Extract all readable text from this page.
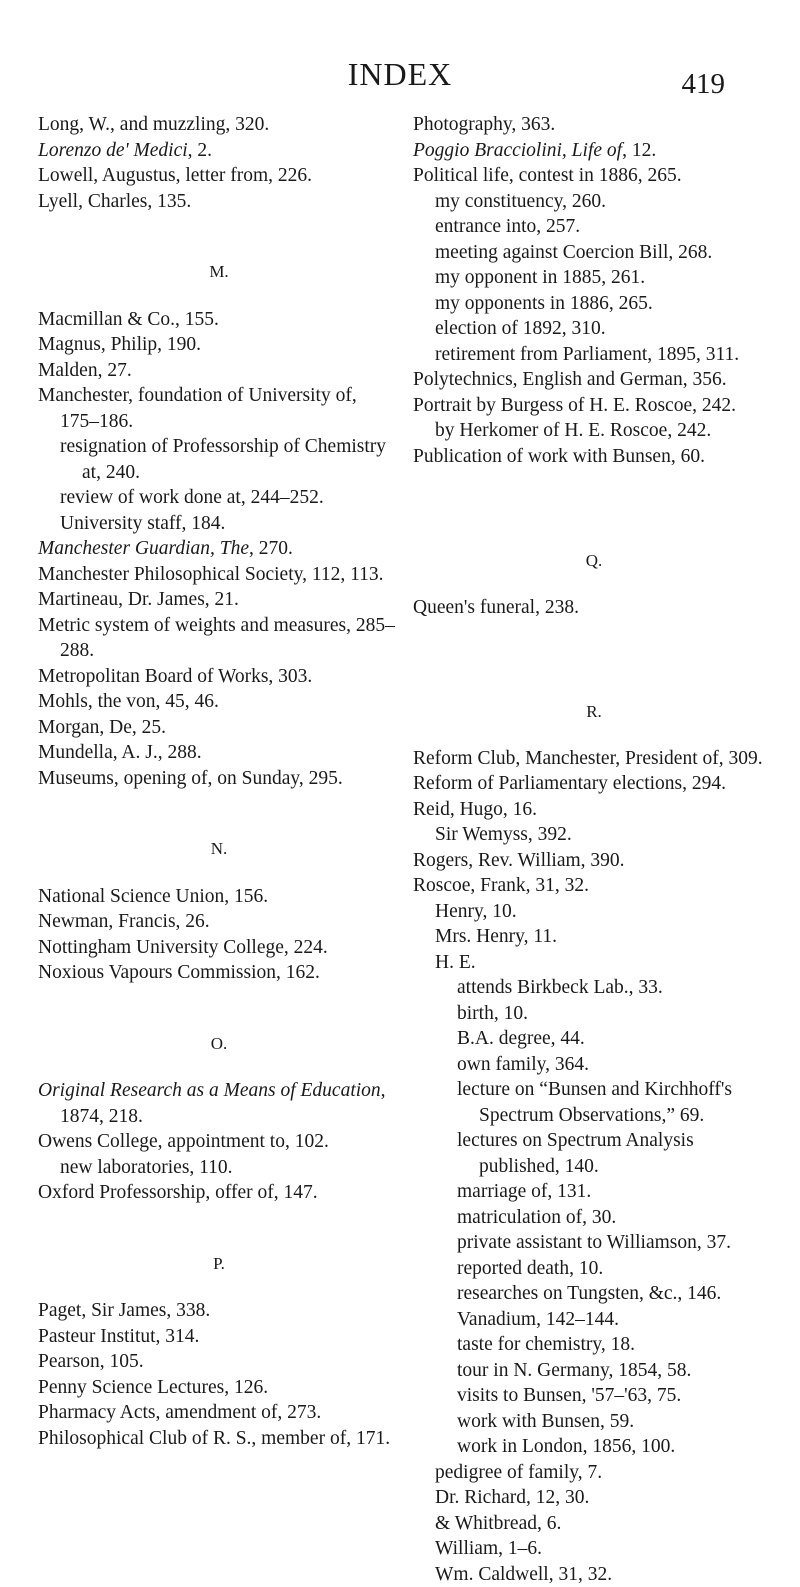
INDEX	419
Long, W., and muzzling, 320.
Lorenzo de' Medici, 2.
Lowell, Augustus, letter from, 226.
Lyell, Charles, 135.
M.
Macmillan & Co., 155.
Magnus, Philip, 190.
Malden, 27.
Manchester, foundation of University of, 175–186.
resignation of Professorship of Chemistry at, 240.
review of work done at, 244–252.
University staff, 184.
Manchester Guardian, The, 270.
Manchester Philosophical Society, 112, 113.
Martineau, Dr. James, 21.
Metric system of weights and measures, 285–288.
Metropolitan Board of Works, 303.
Mohls, the von, 45, 46.
Morgan, De, 25.
Mundella, A. J., 288.
Museums, opening of, on Sunday, 295.
N.
National Science Union, 156.
Newman, Francis, 26.
Nottingham University College, 224.
Noxious Vapours Commission, 162.
O.
Original Research as a Means of Education, 1874, 218.
Owens College, appointment to, 102.
new laboratories, 110.
Oxford Professorship, offer of, 147.
P.
Paget, Sir James, 338.
Pasteur Institut, 314.
Pearson, 105.
Penny Science Lectures, 126.
Pharmacy Acts, amendment of, 273.
Philosophical Club of R. S., member of, 171.
Photography, 363.
Poggio Bracciolini, Life of, 12.
Political life, contest in 1886, 265.
my constituency, 260.
entrance into, 257.
meeting against Coercion Bill, 268.
my opponent in 1885, 261.
my opponents in 1886, 265.
election of 1892, 310.
retirement from Parliament, 1895, 311.
Polytechnics, English and German, 356.
Portrait by Burgess of H. E. Roscoe, 242.
by Herkomer of H. E. Roscoe, 242.
Publication of work with Bunsen, 60.
Q.
Queen's funeral, 238.
R.
Reform Club, Manchester, President of, 309.
Reform of Parliamentary elections, 294.
Reid, Hugo, 16.
Sir Wemyss, 392.
Rogers, Rev. William, 390.
Roscoe, Frank, 31, 32.
Henry, 10.
Mrs. Henry, 11.
H. E.
attends Birkbeck Lab., 33.
birth, 10.
B.A. degree, 44.
own family, 364.
lecture on “Bunsen and Kirchhoff's Spectrum Observations,” 69.
lectures on Spectrum Analysis published, 140.
marriage of, 131.
matriculation of, 30.
private assistant to Williamson, 37.
reported death, 10.
researches on Tungsten, &c., 146.
Vanadium, 142–144.
taste for chemistry, 18.
tour in N. Germany, 1854, 58.
visits to Bunsen, '57–'63, 75.
work with Bunsen, 59.
work in London, 1856, 100.
pedigree of family, 7.
Dr. Richard, 12, 30.
& Whitbread, 6.
William, 1–6.
Wm. Caldwell, 31, 32.
